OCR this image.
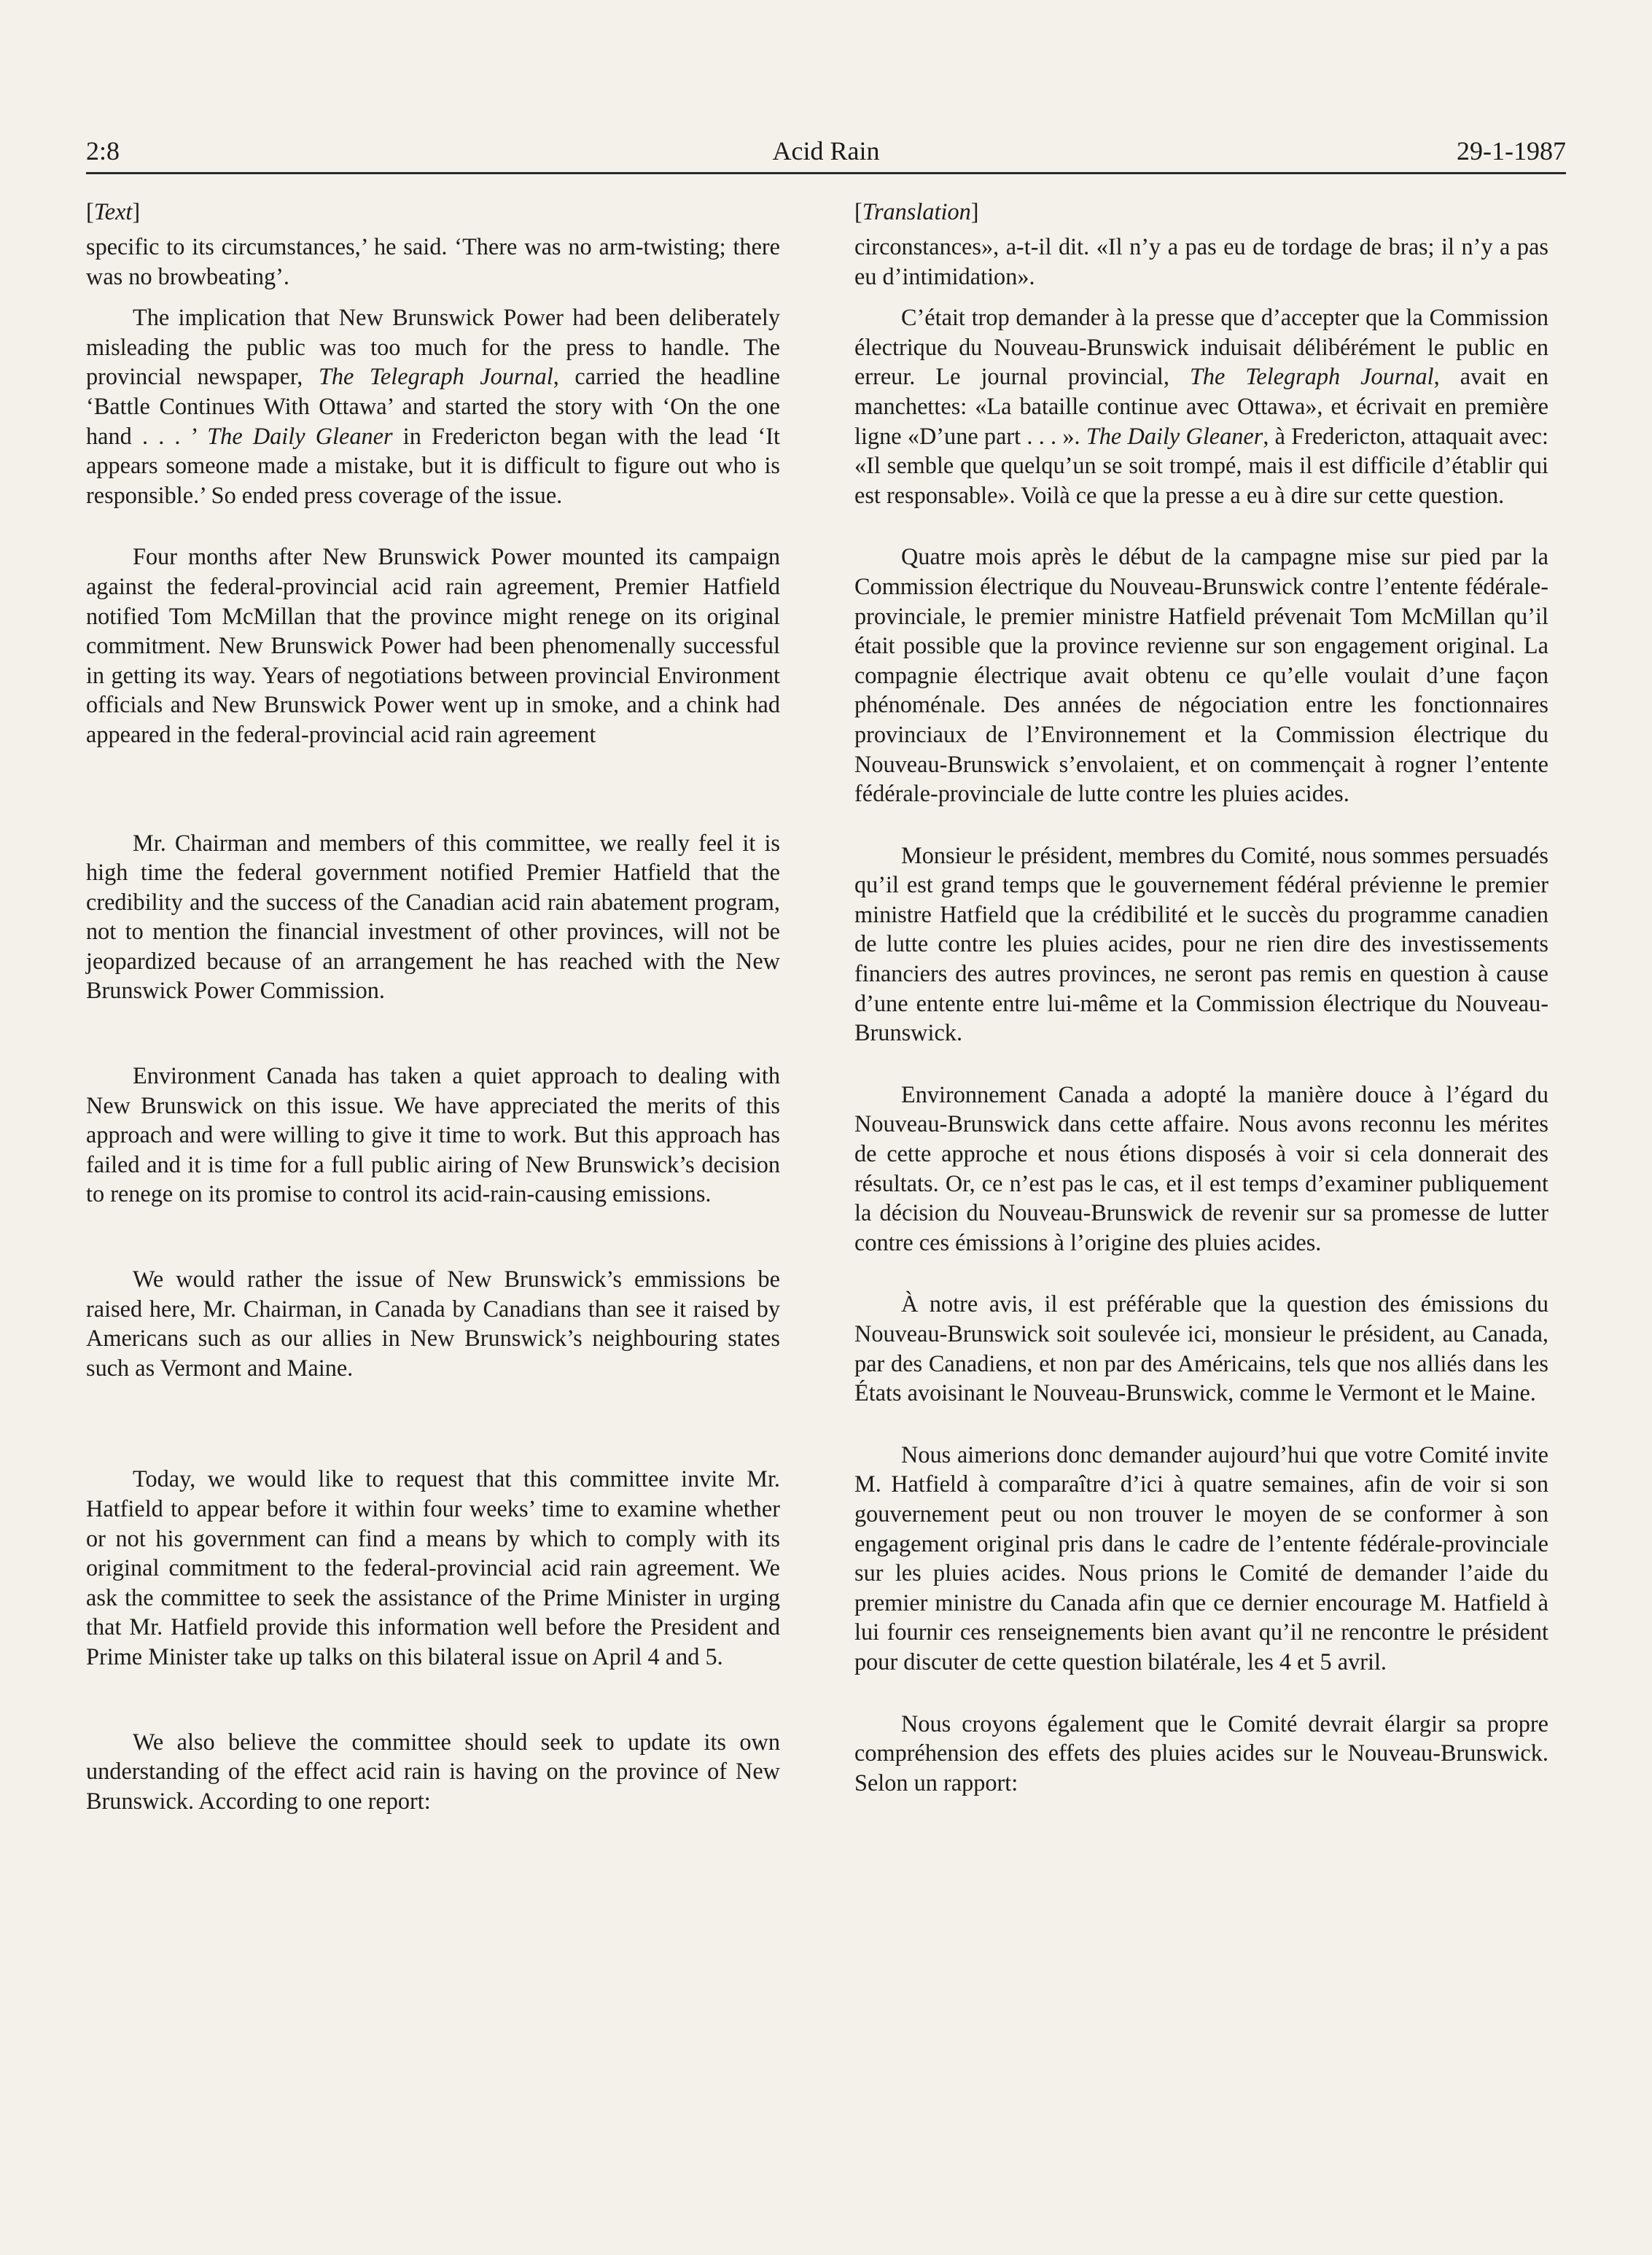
2:8	Acid Rain	29-1-1987

[ Text ]

specific to its circumstances,’ he said. ‘There was no arm-twisting; there was no browbeating’.

The implication that New Brunswick Power had been deliberately misleading the public was too much for the press to handle. The provincial newspaper, The Telegraph Journal, carried the headline ‘Battle Continues With Ottawa’ and started the story with ‘On the one hand . . . ’ The Daily Gleaner in Fredericton began with the lead ‘It appears someone made a mistake, but it is difficult to figure out who is responsible.’ So ended press coverage of the issue.

Four months after New Brunswick Power mounted its campaign against the federal-provincial acid rain agreement, Premier Hatfield notified Tom McMillan that the province might renege on its original commitment. New Brunswick Power had been phenomenally successful in getting its way. Years of negotiations between provincial Environment officials and New Brunswick Power went up in smoke, and a chink had appeared in the federal-provincial acid rain agreement

Mr. Chairman and members of this committee, we really feel it is high time the federal government notified Premier Hatfield that the credibility and the success of the Canadian acid rain abatement program, not to mention the financial investment of other provinces, will not be jeopardized because of an arrangement he has reached with the New Brunswick Power Commission.

Environment Canada has taken a quiet approach to dealing with New Brunswick on this issue. We have appreciated the merits of this approach and were willing to give it time to work. But this approach has failed and it is time for a full public airing of New Brunswick’s decision to renege on its promise to control its acid-rain-causing emissions.

We would rather the issue of New Brunswick’s emmissions be raised here, Mr. Chairman, in Canada by Canadians than see it raised by Americans such as our allies in New Brunswick’s neighbouring states such as Vermont and Maine.

Today, we would like to request that this committee invite Mr. Hatfield to appear before it within four weeks’ time to examine whether or not his government can find a means by which to comply with its original commitment to the federal-provincial acid rain agreement. We ask the committee to seek the assistance of the Prime Minister in urging that Mr. Hatfield provide this information well before the President and Prime Minister take up talks on this bilateral issue on April 4 and 5.

We also believe the committee should seek to update its own understanding of the effect acid rain is having on the province of New Brunswick. According to one report:

[ Translation ]

circonstances», a-t-il dit. «Il n’y a pas eu de tordage de bras; il n’y a pas eu d’intimidation».

C’était trop demander à la presse que d’accepter que la Commission électrique du Nouveau-Brunswick induisait délibérément le public en erreur. Le journal provincial, The Telegraph Journal, avait en manchettes: «La bataille continue avec Ottawa», et écrivait en première ligne «D’une part . . . ». The Daily Gleaner, à Fredericton, attaquait avec: «Il semble que quelqu’un se soit trompé, mais il est difficile d’établir qui est responsable». Voilà ce que la presse a eu à dire sur cette question.

Quatre mois après le début de la campagne mise sur pied par la Commission électrique du Nouveau-Brunswick contre l’entente fédérale-provinciale, le premier ministre Hatfield prévenait Tom McMillan qu’il était possible que la province revienne sur son engagement original. La compagnie électrique avait obtenu ce qu’elle voulait d’une façon phénoménale. Des années de négociation entre les fonctionnaires provinciaux de l’Environnement et la Commission électrique du Nouveau-Brunswick s’envolaient, et on commençait à rogner l’entente fédérale-provinciale de lutte contre les pluies acides.

Monsieur le président, membres du Comité, nous sommes persuadés qu’il est grand temps que le gouvernement fédéral prévienne le premier ministre Hatfield que la crédibilité et le succès du programme canadien de lutte contre les pluies acides, pour ne rien dire des investissements financiers des autres provinces, ne seront pas remis en question à cause d’une entente entre lui-même et la Commission électrique du Nouveau-Brunswick.

Environnement Canada a adopté la manière douce à l’égard du Nouveau-Brunswick dans cette affaire. Nous avons reconnu les mérites de cette approche et nous étions disposés à voir si cela donnerait des résultats. Or, ce n’est pas le cas, et il est temps d’examiner publiquement la décision du Nouveau-Brunswick de revenir sur sa promesse de lutter contre ces émissions à l’origine des pluies acides.

À notre avis, il est préférable que la question des émissions du Nouveau-Brunswick soit soulevée ici, monsieur le président, au Canada, par des Canadiens, et non par des Américains, tels que nos alliés dans les États avoisinant le Nouveau-Brunswick, comme le Vermont et le Maine.

Nous aimerions donc demander aujourd’hui que votre Comité invite M. Hatfield à comparaître d’ici à quatre semaines, afin de voir si son gouvernement peut ou non trouver le moyen de se conformer à son engagement original pris dans le cadre de l’entente fédérale-provinciale sur les pluies acides. Nous prions le Comité de demander l’aide du premier ministre du Canada afin que ce dernier encourage M. Hatfield à lui fournir ces renseignements bien avant qu’il ne rencontre le président pour discuter de cette question bilatérale, les 4 et 5 avril.

Nous croyons également que le Comité devrait élargir sa propre compréhension des effets des pluies acides sur le Nouveau-Brunswick. Selon un rapport:
